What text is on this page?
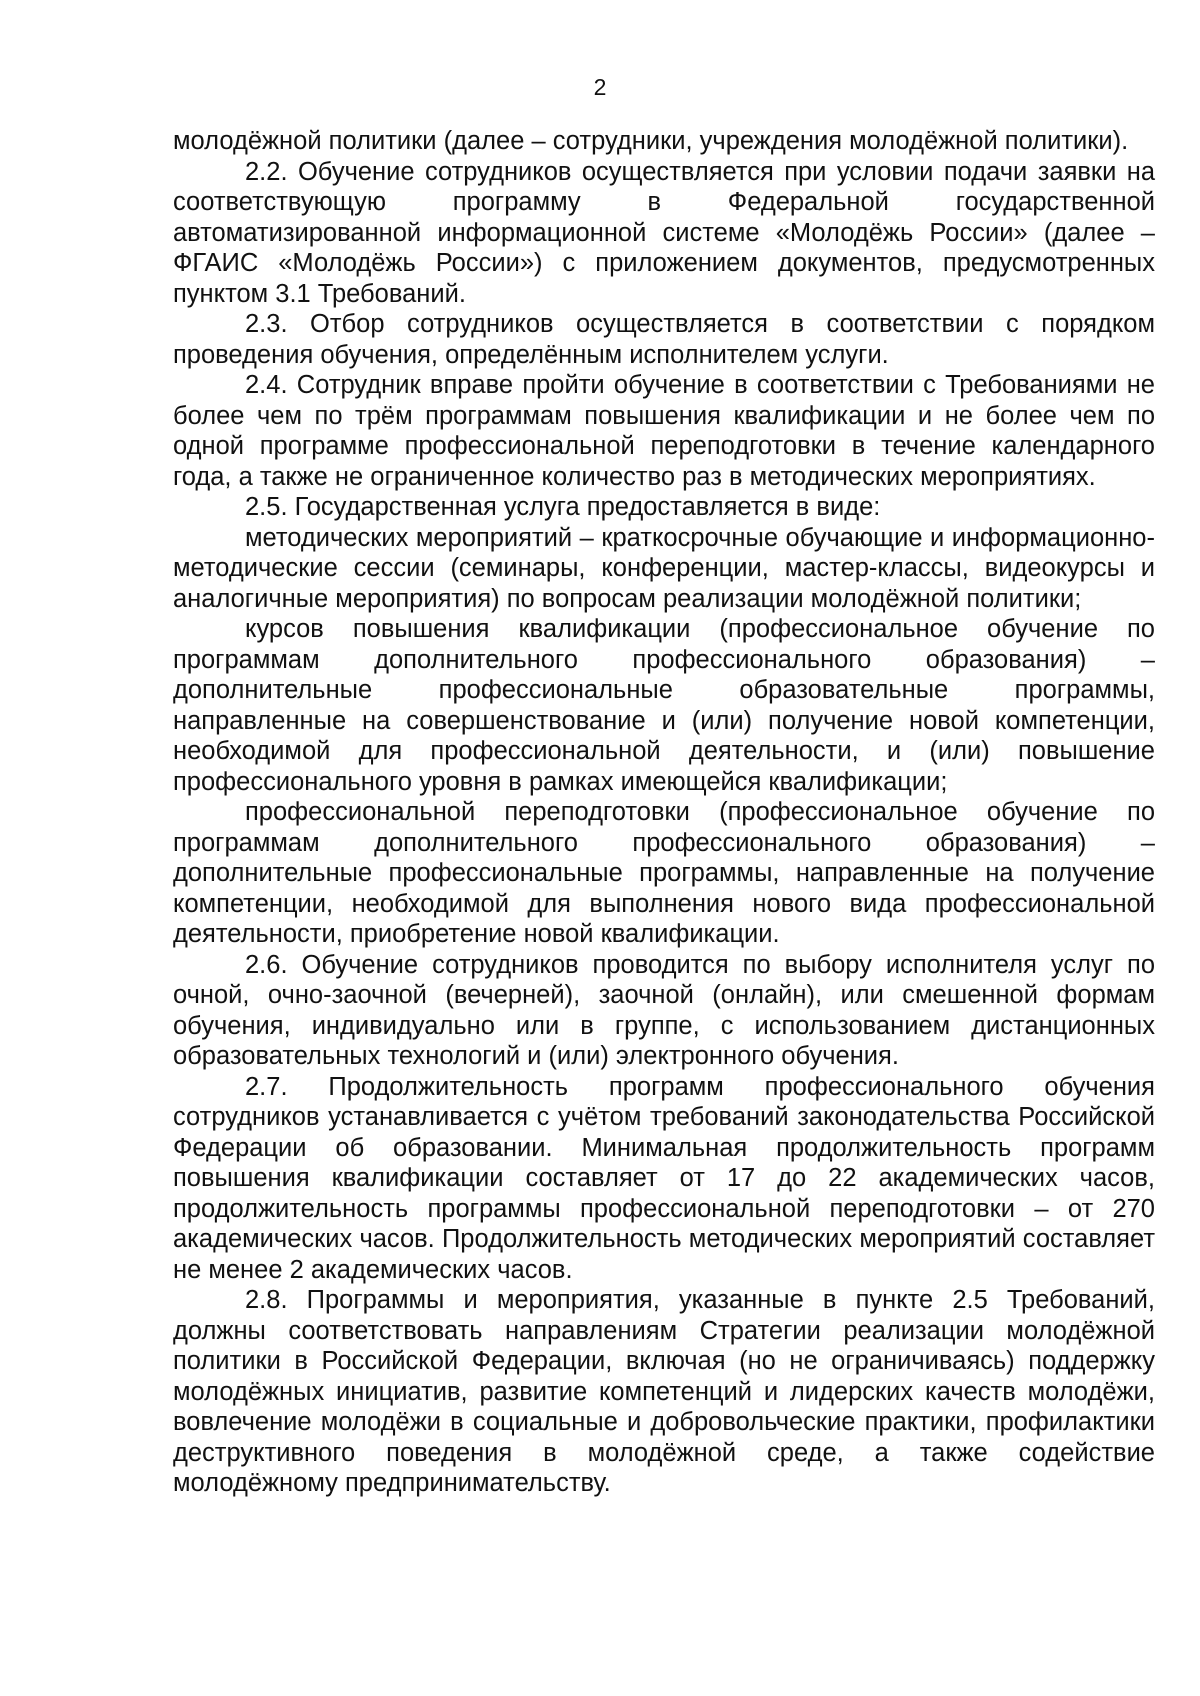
2

молодёжной политики (далее – сотрудники, учреждения молодёжной политики).

2.2. Обучение сотрудников осуществляется при условии подачи заявки на соответствующую программу в Федеральной государственной автоматизированной информационной системе «Молодёжь России» (далее – ФГАИС «Молодёжь России») с приложением документов, предусмотренных пунктом 3.1 Требований.

2.3. Отбор сотрудников осуществляется в соответствии с порядком проведения обучения, определённым исполнителем услуги.

2.4. Сотрудник вправе пройти обучение в соответствии с Требованиями не более чем по трём программам повышения квалификации и не более чем по одной программе профессиональной переподготовки в течение календарного года, а также не ограниченное количество раз в методических мероприятиях.

2.5. Государственная услуга предоставляется в виде:

методических мероприятий – краткосрочные обучающие и информационно-методические сессии (семинары, конференции, мастер-классы, видеокурсы и аналогичные мероприятия) по вопросам реализации молодёжной политики;

курсов повышения квалификации (профессиональное обучение по программам дополнительного профессионального образования) – дополнительные профессиональные образовательные программы, направленные на совершенствование и (или) получение новой компетенции, необходимой для профессиональной деятельности, и (или) повышение профессионального уровня в рамках имеющейся квалификации;

профессиональной переподготовки (профессиональное обучение по программам дополнительного профессионального образования) – дополнительные профессиональные программы, направленные на получение компетенции, необходимой для выполнения нового вида профессиональной деятельности, приобретение новой квалификации.

2.6. Обучение сотрудников проводится по выбору исполнителя услуг по очной, очно-заочной (вечерней), заочной (онлайн), или смешенной формам обучения, индивидуально или в группе, с использованием дистанционных образовательных технологий и (или) электронного обучения.

2.7. Продолжительность программ профессионального обучения сотрудников устанавливается с учётом требований законодательства Российской Федерации об образовании. Минимальная продолжительность программ повышения квалификации составляет от 17 до 22 академических часов, продолжительность программы профессиональной переподготовки – от 270 академических часов. Продолжительность методических мероприятий составляет не менее 2 академических часов.

2.8. Программы и мероприятия, указанные в пункте 2.5 Требований, должны соответствовать направлениям Стратегии реализации молодёжной политики в Российской Федерации, включая (но не ограничиваясь) поддержку молодёжных инициатив, развитие компетенций и лидерских качеств молодёжи, вовлечение молодёжи в социальные и добровольческие практики, профилактики деструктивного поведения в молодёжной среде, а также содействие молодёжному предпринимательству.
